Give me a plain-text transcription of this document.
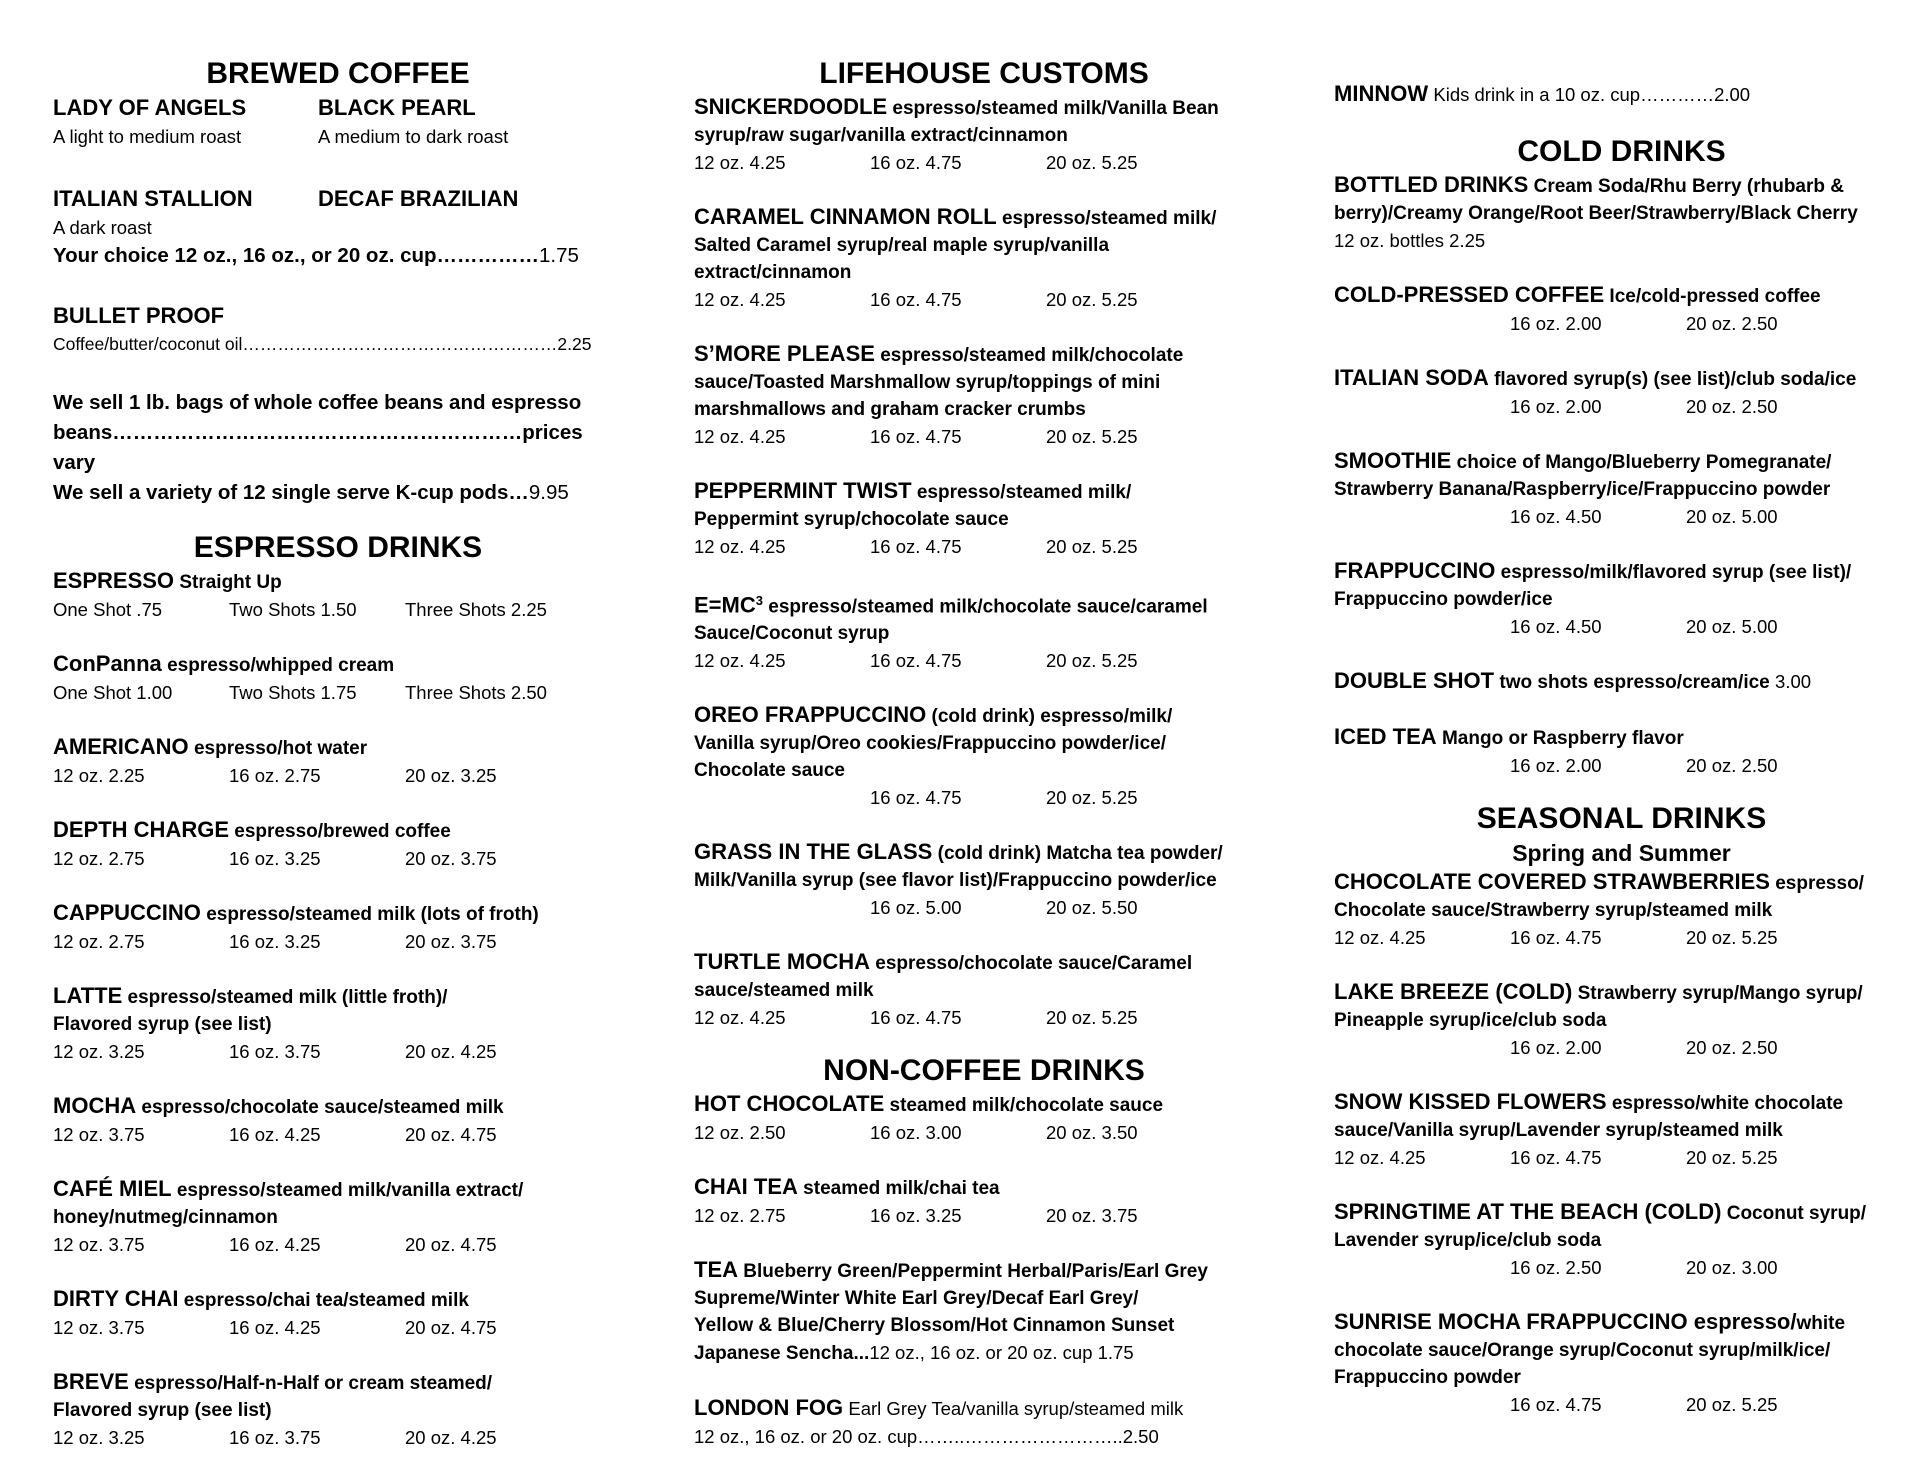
BREWED COFFEE
LADY OF ANGELS	BLACK PEARL
A light to medium roast	A medium to dark roast
ITALIAN STALLION	DECAF BRAZILIAN
A dark roast
Your choice 12 oz., 16 oz., or 20 oz. cup……………1.75
BULLET PROOF
Coffee/butter/coconut oil………………………………………………2.25
We sell 1 lb. bags of whole coffee beans and espresso
beans……………………………………………………prices vary
We sell a variety of 12 single serve K-cup pods…9.95
ESPRESSO DRINKS
ESPRESSO Straight Up
One Shot .75	Two Shots 1.50	Three Shots 2.25
ConPanna espresso/whipped cream
One Shot 1.00	Two Shots 1.75	Three Shots 2.50
AMERICANO espresso/hot water
12 oz. 2.25	16 oz. 2.75	20 oz. 3.25
DEPTH CHARGE espresso/brewed coffee
12 oz. 2.75	16 oz. 3.25	20 oz. 3.75
CAPPUCCINO espresso/steamed milk (lots of froth)
12 oz. 2.75	16 oz. 3.25	20 oz. 3.75
LATTE espresso/steamed milk (little froth)/
Flavored syrup (see list)
12 oz. 3.25	16 oz. 3.75	20 oz. 4.25
MOCHA espresso/chocolate sauce/steamed milk
12 oz. 3.75	16 oz. 4.25	20 oz. 4.75
CAFÉ MIEL espresso/steamed milk/vanilla extract/
honey/nutmeg/cinnamon
12 oz. 3.75	16 oz. 4.25	20 oz. 4.75
DIRTY CHAI espresso/chai tea/steamed milk
12 oz. 3.75	16 oz. 4.25	20 oz. 4.75
BREVE espresso/Half-n-Half or cream steamed/
Flavored syrup (see list)
12 oz. 3.25	16 oz. 3.75	20 oz. 4.25
LIFEHOUSE CUSTOMS
SNICKERDOODLE espresso/steamed milk/Vanilla Bean
syrup/raw sugar/vanilla extract/cinnamon
12 oz. 4.25	16 oz. 4.75	20 oz. 5.25
CARAMEL CINNAMON ROLL espresso/steamed milk/
Salted Caramel syrup/real maple syrup/vanilla
extract/cinnamon
12 oz. 4.25	16 oz. 4.75	20 oz. 5.25
S’MORE PLEASE espresso/steamed milk/chocolate
sauce/Toasted Marshmallow syrup/toppings of mini
marshmallows and graham cracker crumbs
12 oz. 4.25	16 oz. 4.75	20 oz. 5.25
PEPPERMINT TWIST espresso/steamed milk/
Peppermint syrup/chocolate sauce
12 oz. 4.25	16 oz. 4.75	20 oz. 5.25
$E=MC^3$ espresso/steamed milk/chocolate sauce/caramel
Sauce/Coconut syrup
12 oz. 4.25	16 oz. 4.75	20 oz. 5.25
OREO FRAPPUCCINO (cold drink) espresso/milk/
Vanilla syrup/Oreo cookies/Frappuccino powder/ice/
Chocolate sauce
16 oz. 4.75	20 oz. 5.25
GRASS IN THE GLASS (cold drink) Matcha tea powder/
Milk/Vanilla syrup (see flavor list)/Frappuccino powder/ice
16 oz. 5.00	20 oz. 5.50
TURTLE MOCHA espresso/chocolate sauce/Caramel
sauce/steamed milk
12 oz. 4.25	16 oz. 4.75	20 oz. 5.25
NON-COFFEE DRINKS
HOT CHOCOLATE steamed milk/chocolate sauce
12 oz. 2.50	16 oz. 3.00	20 oz. 3.50
CHAI TEA steamed milk/chai tea
12 oz. 2.75	16 oz. 3.25	20 oz. 3.75
TEA Blueberry Green/Peppermint Herbal/Paris/Earl Grey
Supreme/Winter White Earl Grey/Decaf Earl Grey/
Yellow & Blue/Cherry Blossom/Hot Cinnamon Sunset
Japanese Sencha...12 oz., 16 oz. or 20 oz. cup 1.75
LONDON FOG Earl Grey Tea/vanilla syrup/steamed milk
12 oz., 16 oz. or 20 oz. cup……..……………………..2.50
MINNOW Kids drink in a 10 oz. cup…………2.00
COLD DRINKS
BOTTLED DRINKS Cream Soda/Rhu Berry (rhubarb &
berry)/Creamy Orange/Root Beer/Strawberry/Black Cherry
12 oz. bottles 2.25
COLD-PRESSED COFFEE Ice/cold-pressed coffee
16 oz. 2.00	20 oz. 2.50
ITALIAN SODA flavored syrup(s) (see list)/club soda/ice
16 oz. 2.00	20 oz. 2.50
SMOOTHIE choice of Mango/Blueberry Pomegranate/
Strawberry Banana/Raspberry/ice/Frappuccino powder
16 oz. 4.50	20 oz. 5.00
FRAPPUCCINO espresso/milk/flavored syrup (see list)/
Frappuccino powder/ice
16 oz. 4.50	20 oz. 5.00
DOUBLE SHOT two shots espresso/cream/ice 3.00
ICED TEA Mango or Raspberry flavor
16 oz. 2.00	20 oz. 2.50
SEASONAL DRINKS
Spring and Summer
CHOCOLATE COVERED STRAWBERRIES espresso/
Chocolate sauce/Strawberry syrup/steamed milk
12 oz. 4.25	16 oz. 4.75	20 oz. 5.25
LAKE BREEZE (COLD) Strawberry syrup/Mango syrup/
Pineapple syrup/ice/club soda
16 oz. 2.00	20 oz. 2.50
SNOW KISSED FLOWERS espresso/white chocolate
sauce/Vanilla syrup/Lavender syrup/steamed milk
12 oz. 4.25	16 oz. 4.75	20 oz. 5.25
SPRINGTIME AT THE BEACH (COLD) Coconut syrup/
Lavender syrup/ice/club soda
16 oz. 2.50	20 oz. 3.00
SUNRISE MOCHA FRAPPUCCINO espresso/white
chocolate sauce/Orange syrup/Coconut syrup/milk/ice/
Frappuccino powder
16 oz. 4.75	20 oz. 5.25
